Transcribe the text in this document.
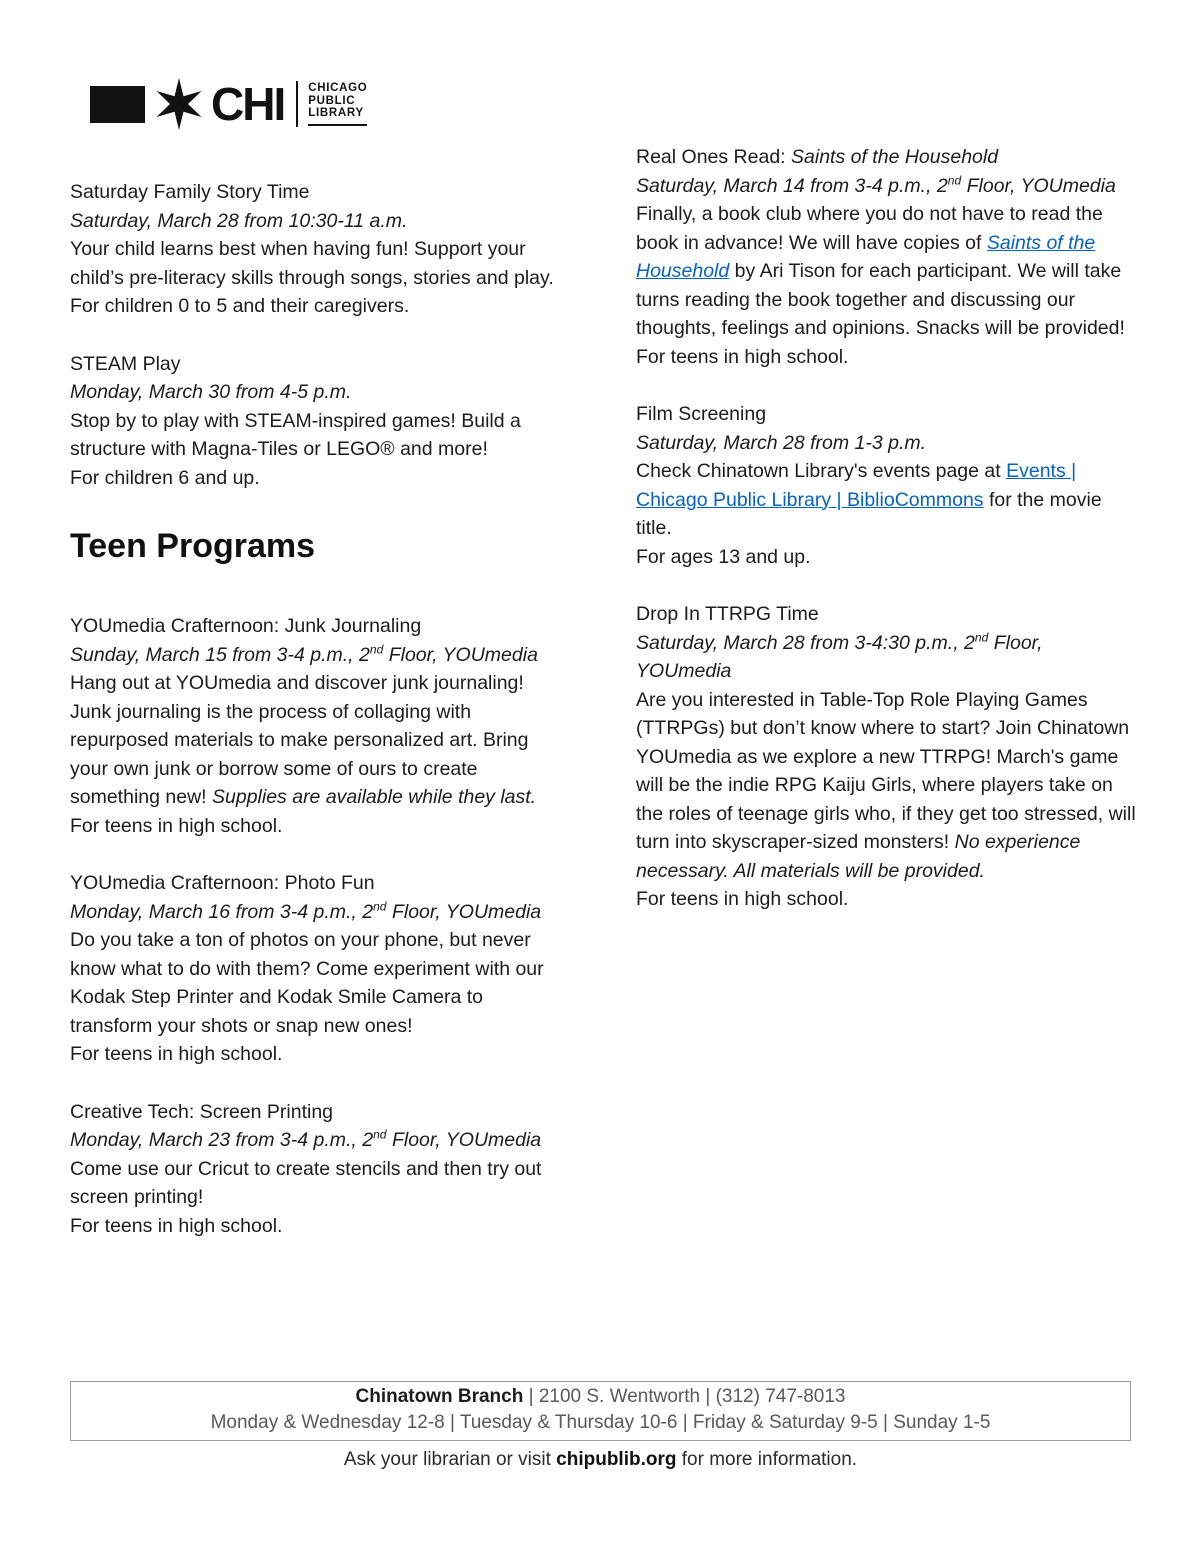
CHI CHICAGO
PUBLIC
LIBRARY
Saturday Family Story Time

Saturday, March 28 from 10:30-11 a.m.

Your child learns best when having fun! Support your child’s pre-literacy skills through songs, stories and play.

For children 0 to 5 and their caregivers.

STEAM Play

Monday, March 30 from 4-5 p.m.

Stop by to play with STEAM-inspired games! Build a structure with Magna-Tiles or LEGO® and more!

For children 6 and up.

Teen Programs
YOUmedia Crafternoon: Junk Journaling

Sunday, March 15 from 3-4 p.m., 2nd Floor, YOUmedia

Hang out at YOUmedia and discover junk journaling! Junk journaling is the process of collaging with repurposed materials to make personalized art. Bring your own junk or borrow some of ours to create something new! Supplies are available while they last.

For teens in high school.

YOUmedia Crafternoon: Photo Fun

Monday, March 16 from 3-4 p.m., 2nd Floor, YOUmedia

Do you take a ton of photos on your phone, but never know what to do with them? Come experiment with our Kodak Step Printer and Kodak Smile Camera to transform your shots or snap new ones!

For teens in high school.

Creative Tech: Screen Printing

Monday, March 23 from 3-4 p.m., 2nd Floor, YOUmedia

Come use our Cricut to create stencils and then try out screen printing!

For teens in high school.

Real Ones Read: Saints of the Household

Saturday, March 14 from 3-4 p.m., 2nd Floor, YOUmedia

Finally, a book club where you do not have to read the book in advance! We will have copies of Saints of the Household by Ari Tison for each participant. We will take turns reading the book together and discussing our thoughts, feelings and opinions. Snacks will be provided!

For teens in high school.

Film Screening

Saturday, March 28 from 1-3 p.m.

Check Chinatown Library's events page at Events | Chicago Public Library | BiblioCommons for the movie title.

For ages 13 and up.

Drop In TTRPG Time

Saturday, March 28 from 3-4:30 p.m., 2nd Floor, YOUmedia

Are you interested in Table-Top Role Playing Games (TTRPGs) but don’t know where to start? Join Chinatown YOUmedia as we explore a new TTRPG! March's game will be the indie RPG Kaiju Girls, where players take on the roles of teenage girls who, if they get too stressed, will turn into skyscraper-sized monsters! No experience necessary. All materials will be provided.

For teens in high school.

Chinatown Branch | 2100 S. Wentworth | (312) 747-8013
Monday & Wednesday 12-8 | Tuesday & Thursday 10-6 | Friday & Saturday 9-5 | Sunday 1-5
Ask your librarian or visit chipublib.org for more information.
